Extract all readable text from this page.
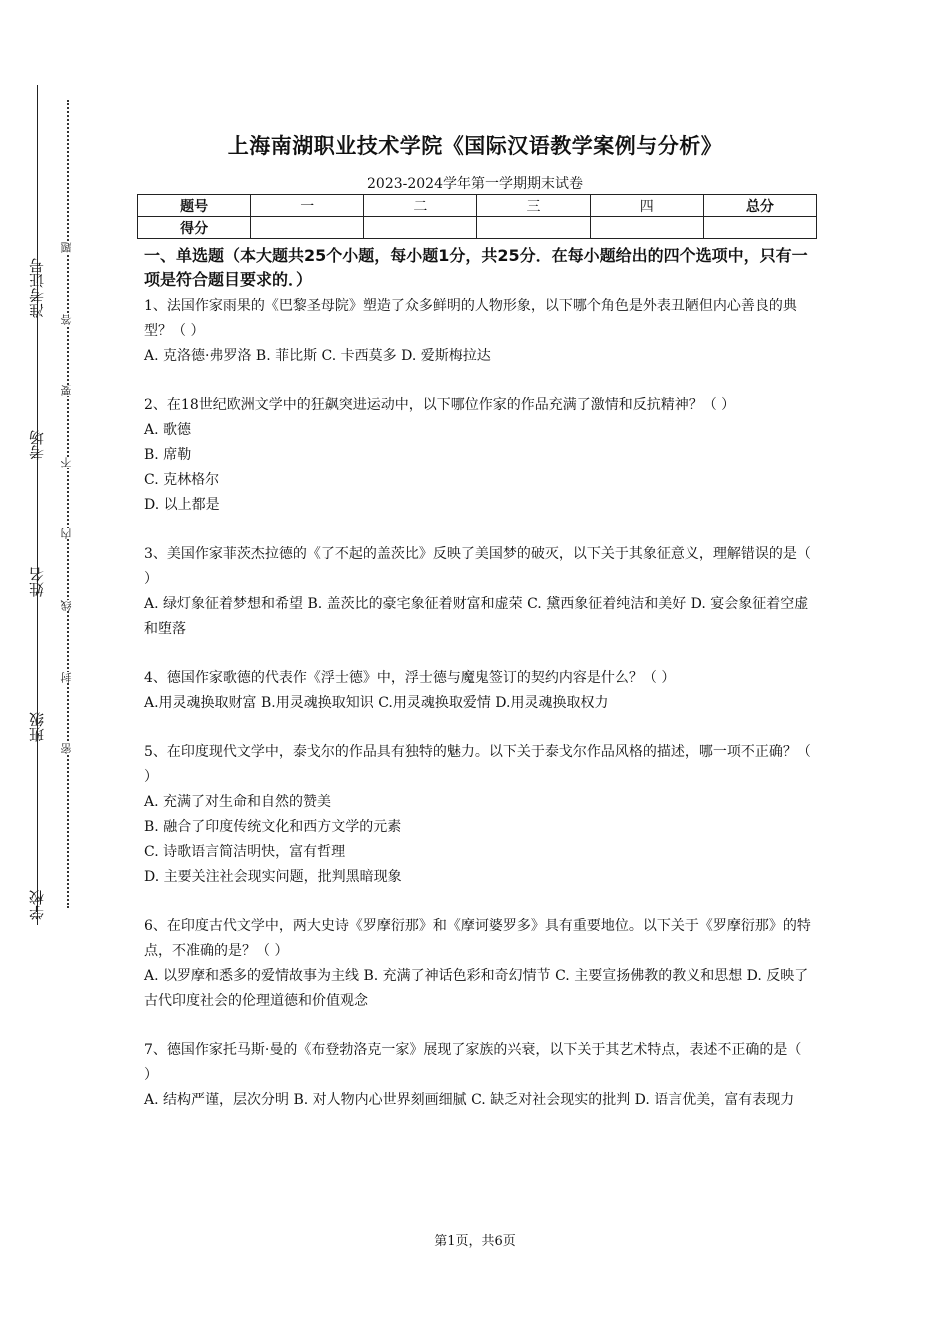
学校
班级
姓名
考场
准考证号
题
答
要
不
内
线
封
密
上海南湖职业技术学院《国际汉语教学案例与分析》
2023-2024学年第一学期期末试卷
题号	一	二	三	四	总分
得分					
一、单选题（本大题共25个小题，每小题1分，共25分．在每小题给出的四个选项中，只有一项是符合题目要求的．）

1、法国作家雨果的《巴黎圣母院》塑造了众多鲜明的人物形象，以下哪个角色是外表丑陋但内心善良的典型？（ ）

A. 克洛德·弗罗洛 B. 菲比斯 C. 卡西莫多 D. 爱斯梅拉达

2、在18世纪欧洲文学中的狂飙突进运动中，以下哪位作家的作品充满了激情和反抗精神？（ ）

A. 歌德

B. 席勒

C. 克林格尔

D. 以上都是

3、美国作家菲茨杰拉德的《了不起的盖茨比》反映了美国梦的破灭，以下关于其象征意义，理解错误的是（ ）

A. 绿灯象征着梦想和希望 B. 盖茨比的豪宅象征着财富和虚荣 C. 黛西象征着纯洁和美好 D. 宴会象征着空虚和堕落

4、德国作家歌德的代表作《浮士德》中，浮士德与魔鬼签订的契约内容是什么？（ ）

A.用灵魂换取财富 B.用灵魂换取知识 C.用灵魂换取爱情 D.用灵魂换取权力

5、在印度现代文学中，泰戈尔的作品具有独特的魅力。以下关于泰戈尔作品风格的描述，哪一项不正确？（ ）

A. 充满了对生命和自然的赞美

B. 融合了印度传统文化和西方文学的元素

C. 诗歌语言简洁明快，富有哲理

D. 主要关注社会现实问题，批判黑暗现象

6、在印度古代文学中，两大史诗《罗摩衍那》和《摩诃婆罗多》具有重要地位。以下关于《罗摩衍那》的特点，不准确的是？（ ）

A. 以罗摩和悉多的爱情故事为主线 B. 充满了神话色彩和奇幻情节 C. 主要宣扬佛教的教义和思想 D. 反映了古代印度社会的伦理道德和价值观念

7、德国作家托马斯·曼的《布登勃洛克一家》展现了家族的兴衰，以下关于其艺术特点，表述不正确的是（ ）

A. 结构严谨，层次分明 B. 对人物内心世界刻画细腻 C. 缺乏对社会现实的批判 D. 语言优美，富有表现力

第1页，共6页
